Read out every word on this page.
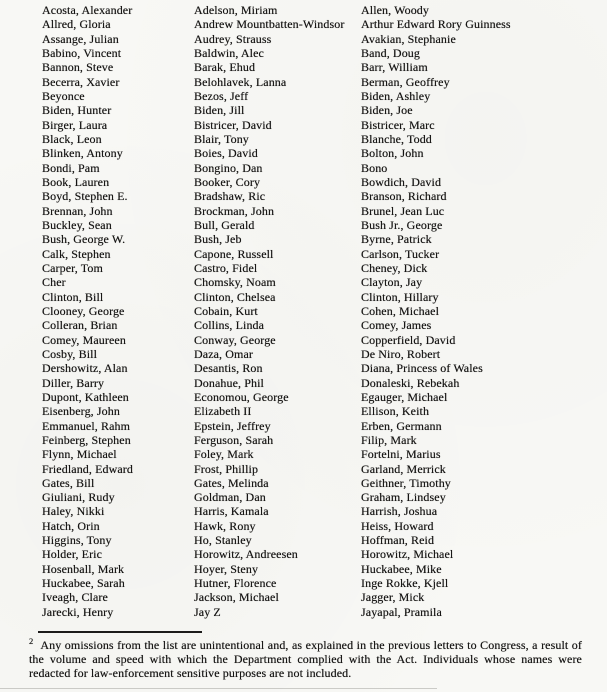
Acosta, Alexander
Allred, Gloria
Assange, Julian
Babino, Vincent
Bannon, Steve
Becerra, Xavier
Beyonce
Biden, Hunter
Birger, Laura
Black, Leon
Blinken, Antony
Bondi, Pam
Book, Lauren
Boyd, Stephen E.
Brennan, John
Buckley, Sean
Bush, George W.
Calk, Stephen
Carper, Tom
Cher
Clinton, Bill
Clooney, George
Colleran, Brian
Comey, Maureen
Cosby, Bill
Dershowitz, Alan
Diller, Barry
Dupont, Kathleen
Eisenberg, John
Emmanuel, Rahm
Feinberg, Stephen
Flynn, Michael
Friedland, Edward
Gates, Bill
Giuliani, Rudy
Haley, Nikki
Hatch, Orin
Higgins, Tony
Holder, Eric
Hosenball, Mark
Huckabee, Sarah
Iveagh, Clare
Jarecki, Henry
Adelson, Miriam
Andrew Mountbatten-Windsor
Audrey, Strauss
Baldwin, Alec
Barak, Ehud
Belohlavek, Lanna
Bezos, Jeff
Biden, Jill
Bistricer, David
Blair, Tony
Boies, David
Bongino, Dan
Booker, Cory
Bradshaw, Ric
Brockman, John
Bull, Gerald
Bush, Jeb
Capone, Russell
Castro, Fidel
Chomsky, Noam
Clinton, Chelsea
Cobain, Kurt
Collins, Linda
Conway, George
Daza, Omar
Desantis, Ron
Donahue, Phil
Economou, George
Elizabeth II
Epstein, Jeffrey
Ferguson, Sarah
Foley, Mark
Frost, Phillip
Gates, Melinda
Goldman, Dan
Harris, Kamala
Hawk, Rony
Ho, Stanley
Horowitz, Andreesen
Hoyer, Steny
Hutner, Florence
Jackson, Michael
Jay Z
Allen, Woody
Arthur Edward Rory Guinness
Avakian, Stephanie
Band, Doug
Barr, William
Berman, Geoffrey
Biden, Ashley
Biden, Joe
Bistricer, Marc
Blanche, Todd
Bolton, John
Bono
Bowdich, David
Branson, Richard
Brunel, Jean Luc
Bush Jr., George
Byrne, Patrick
Carlson, Tucker
Cheney, Dick
Clayton, Jay
Clinton, Hillary
Cohen, Michael
Comey, James
Copperfield, David
De Niro, Robert
Diana, Princess of Wales
Donaleski, Rebekah
Egauger, Michael
Ellison, Keith
Erben, Germann
Filip, Mark
Fortelni, Marius
Garland, Merrick
Geithner, Timothy
Graham, Lindsey
Harrish, Joshua
Heiss, Howard
Hoffman, Reid
Horowitz, Michael
Huckabee, Mike
Inge Rokke, Kjell
Jagger, Mick
Jayapal, Pramila

$^2$ Any omissions from the list are unintentional and, as explained in the previous letters to Congress, a result of the volume and speed with which the Department complied with the Act. Individuals whose names were redacted for law-enforcement sensitive purposes are not included.
